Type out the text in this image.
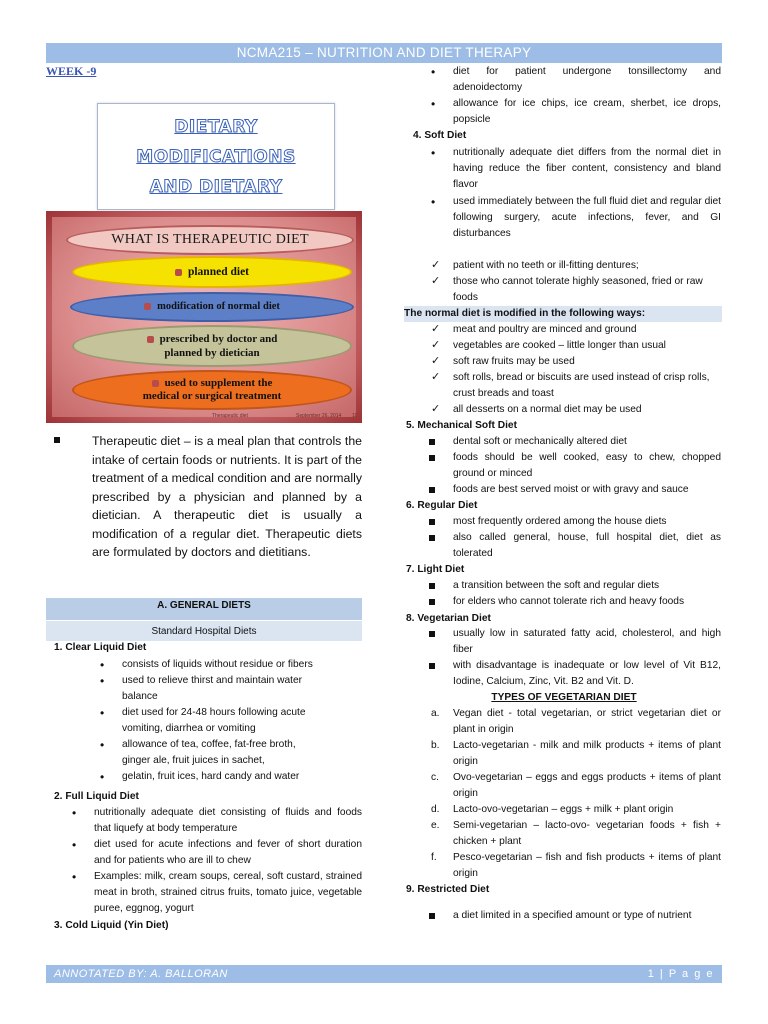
NCMA215 – NUTRITION AND DIET THERAPY
WEEK -9
DIETARY
MODIFICATIONS
AND DIETARY
WHAT IS THERAPEUTIC DIET
planned diet
modification of normal diet
prescribed by doctor and
planned by dietician
used to supplement the
medical or surgical treatment
Therapeutic diet	September 26, 2014 11

Therapeutic diet – is a meal plan that controls the intake of certain foods or nutrients. It is part of the treatment of a medical condition and are normally prescribed by a physician and planned by a dietician. A therapeutic diet is usually a modification of a regular diet. Therapeutic diets are formulated by doctors and dietitians.

A. GENERAL DIETS
Standard Hospital Diets
1. Clear Liquid Diet
• consists of liquids without residue or fibers
• used to relieve thirst and maintain water
balance
• diet used for 24-48 hours following acute
vomiting, diarrhea or vomiting
• allowance of tea, coffee, fat-free broth,
ginger ale, fruit juices in sachet,
• gelatin, fruit ices, hard candy and water
2. Full Liquid Diet
• nutritionally adequate diet consisting of fluids and foods that liquefy at body temperature
• diet used for acute infections and fever of short duration and for patients who are ill to chew
• Examples: milk, cream soups, cereal, soft custard, strained meat in broth, strained citrus fruits, tomato juice, vegetable puree, eggnog, yogurt
3. Cold Liquid (Yin Diet)
• diet for patient undergone tonsillectomy and adenoidectomy
• allowance for ice chips, ice cream, sherbet, ice drops, popsicle
4. Soft Diet
• nutritionally adequate diet differs from the normal diet in having reduce the fiber content, consistency and bland flavor
• used immediately between the full fluid diet and regular diet following surgery, acute infections, fever, and GI disturbances
✓ patient with no teeth or ill-fitting dentures;
✓ those who cannot tolerate highly seasoned, fried or raw foods
The normal diet is modified in the following ways:
✓ meat and poultry are minced and ground
✓ vegetables are cooked – little longer than usual
✓ soft raw fruits may be used
✓ soft rolls, bread or biscuits are used instead of crisp rolls, crust breads and toast
✓ all desserts on a normal diet may be used
5. Mechanical Soft Diet
dental soft or mechanically altered diet
foods should be well cooked, easy to chew, chopped ground or minced
foods are best served moist or with gravy and sauce
6. Regular Diet
most frequently ordered among the house diets
also called general, house, full hospital diet, diet as tolerated
7. Light Diet
a transition between the soft and regular diets
for elders who cannot tolerate rich and heavy foods
8. Vegetarian Diet
usually low in saturated fatty acid, cholesterol, and high fiber
with disadvantage is inadequate or low level of Vit B12, Iodine, Calcium, Zinc, Vit. B2 and Vit. D.
TYPES OF VEGETARIAN DIET
a. Vegan diet - total vegetarian, or strict vegetarian diet or plant in origin
b. Lacto-vegetarian - milk and milk products + items of plant origin
c. Ovo-vegetarian – eggs and eggs products + items of plant origin
d. Lacto-ovo-vegetarian – eggs + milk + plant origin
e. Semi-vegetarian – lacto-ovo- vegetarian foods + fish + chicken + plant
f. Pesco-vegetarian – fish and fish products + items of plant origin
9. Restricted Diet
a diet limited in a specified amount or type of nutrient
ANNOTATED BY: A. BALLORAN	1 | P a g e
